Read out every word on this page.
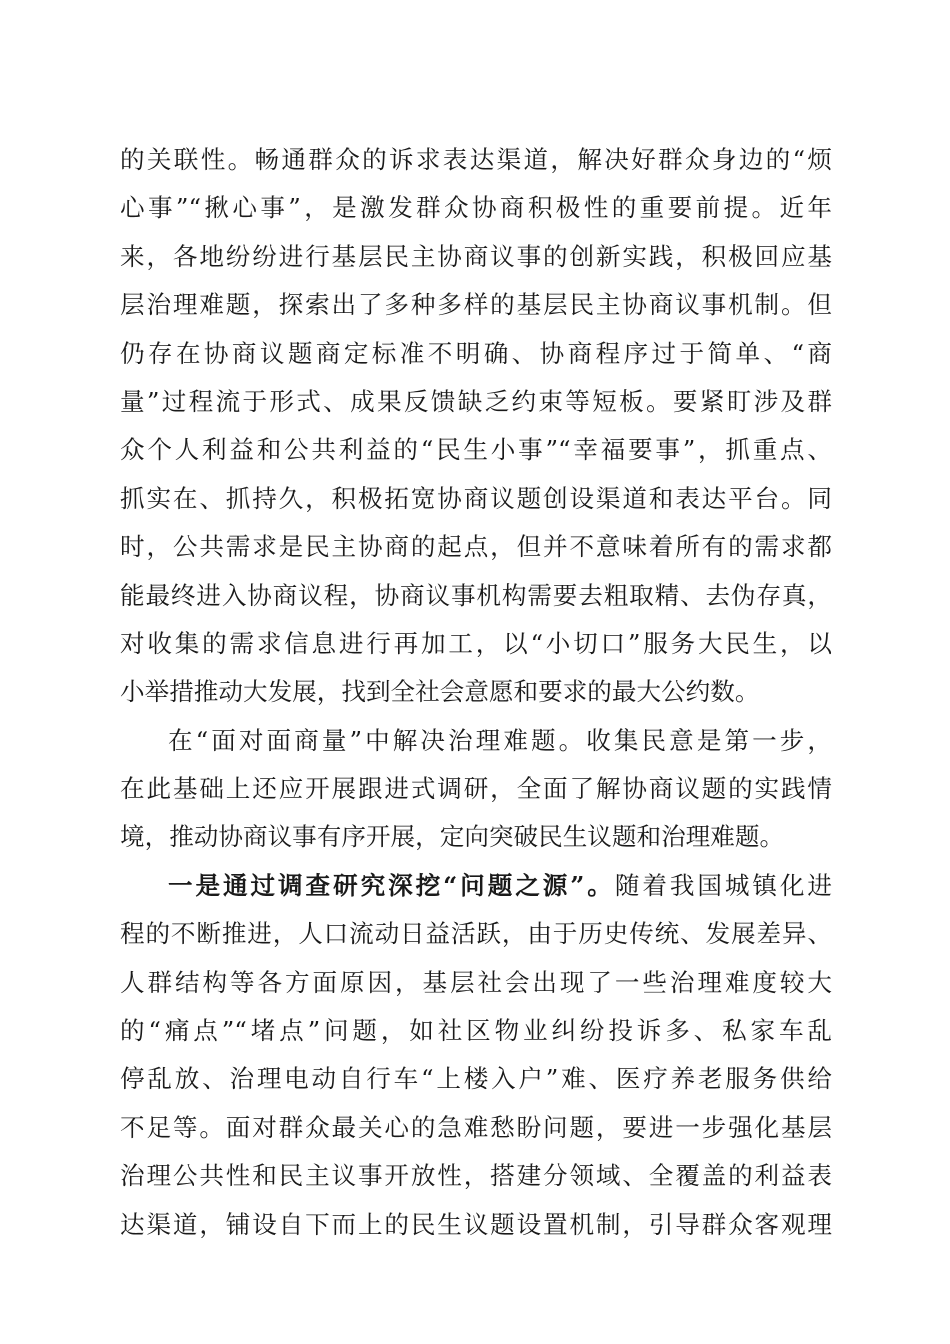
的关联性。畅通群众的诉求表达渠道，解决好群众身边的“烦
心事”“揪心事”，是激发群众协商积极性的重要前提。近年
来，各地纷纷进行基层民主协商议事的创新实践，积极回应基
层治理难题，探索出了多种多样的基层民主协商议事机制。但
仍存在协商议题商定标准不明确、协商程序过于简单、“商
量”过程流于形式、成果反馈缺乏约束等短板。要紧盯涉及群
众个人利益和公共利益的“民生小事”“幸福要事”，抓重点、
抓实在、抓持久，积极拓宽协商议题创设渠道和表达平台。同
时，公共需求是民主协商的起点，但并不意味着所有的需求都
能最终进入协商议程，协商议事机构需要去粗取精、去伪存真，
对收集的需求信息进行再加工，以“小切口”服务大民生，以
小举措推动大发展，找到全社会意愿和要求的最大公约数。
在“面对面商量”中解决治理难题。收集民意是第一步，
在此基础上还应开展跟进式调研，全面了解协商议题的实践情
境，推动协商议事有序开展，定向突破民生议题和治理难题。
一是通过调查研究深挖“问题之源”。随着我国城镇化进
程的不断推进，人口流动日益活跃，由于历史传统、发展差异、
人群结构等各方面原因，基层社会出现了一些治理难度较大
的“痛点”“堵点”问题，如社区物业纠纷投诉多、私家车乱
停乱放、治理电动自行车“上楼入户”难、医疗养老服务供给
不足等。面对群众最关心的急难愁盼问题，要进一步强化基层
治理公共性和民主议事开放性，搭建分领域、全覆盖的利益表
达渠道，铺设自下而上的民生议题设置机制，引导群众客观理
